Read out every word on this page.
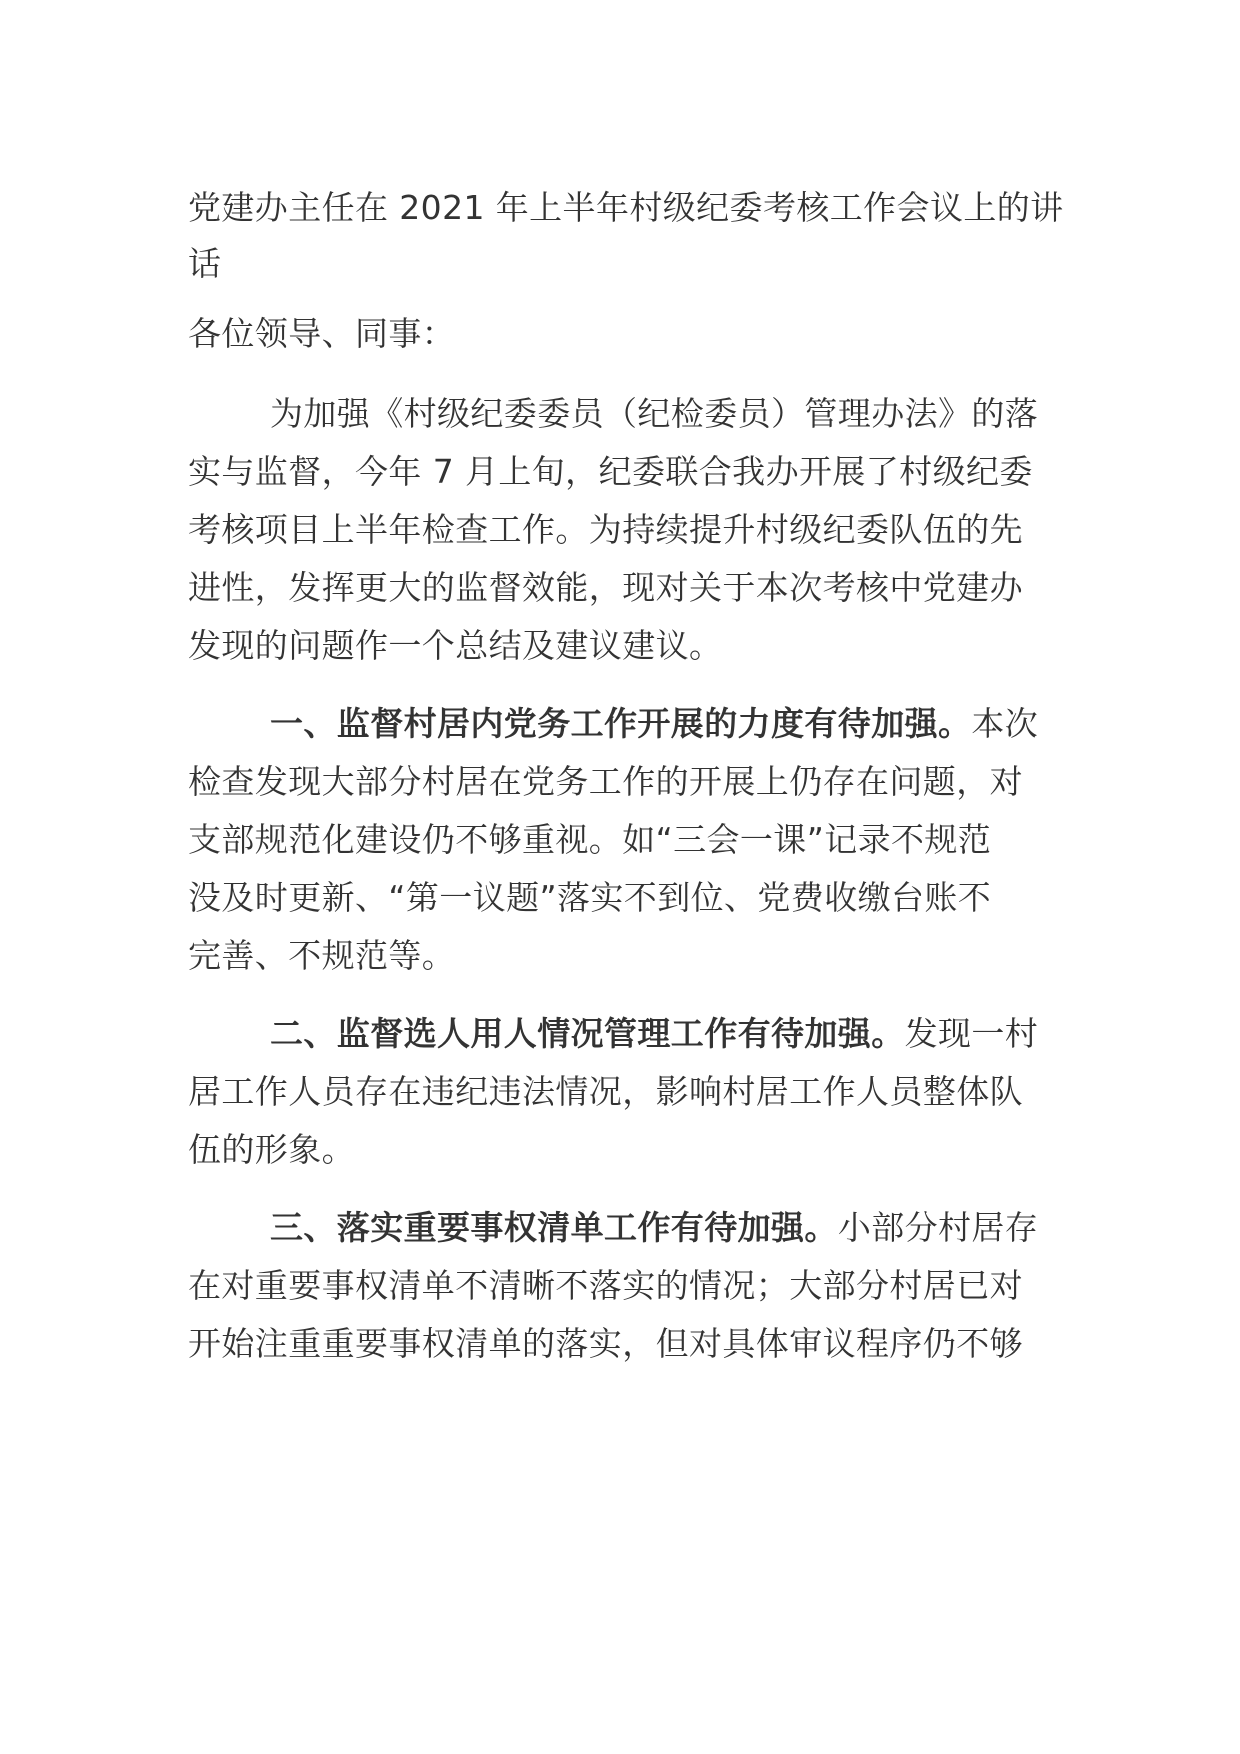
党建办主任在 2021 年上半年村级纪委考核工作会议上的讲
话
各位领导、同事：
为加强《村级纪委委员（纪检委员）管理办法》的落
实与监督，今年 7 月上旬，纪委联合我办开展了村级纪委
考核项目上半年检查工作。为持续提升村级纪委队伍的先
进性，发挥更大的监督效能，现对关于本次考核中党建办
发现的问题作一个总结及建议建议。
一、监督村居内党务工作开展的力度有待加强。本次
检查发现大部分村居在党务工作的开展上仍存在问题，对
支部规范化建设仍不够重视。如“三会一课”记录不规范
没及时更新、“第一议题”落实不到位、党费收缴台账不
完善、不规范等。
二、监督选人用人情况管理工作有待加强。发现一村
居工作人员存在违纪违法情况，影响村居工作人员整体队
伍的形象。
三、落实重要事权清单工作有待加强。小部分村居存
在对重要事权清单不清晰不落实的情况；大部分村居已对
开始注重重要事权清单的落实，但对具体审议程序仍不够
